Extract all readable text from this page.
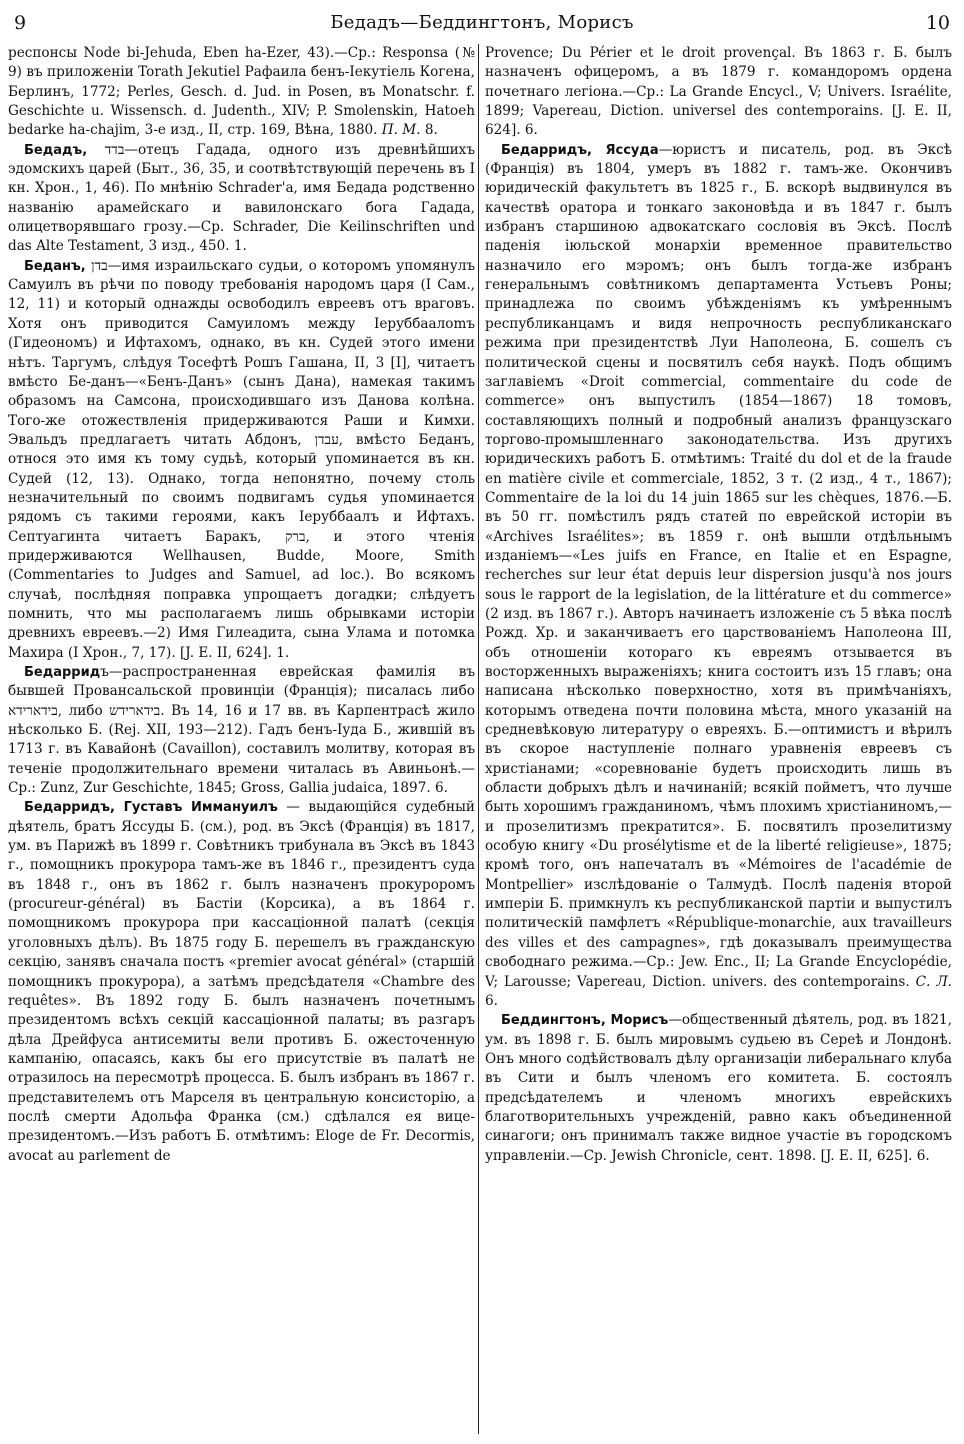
9	Бедадъ—Беддингтонъ, Морисъ	10

респонсы Node bi-Jehuda, Eben ha-Ezer, 43).—Ср.: Responsa (№ 9) въ приложеніи Torath Jekutiel Рафаила бенъ-Іекутіель Когена, Берлинъ, 1772; Perles, Gesch. d. Jud. in Posen, въ Monatschr. f. Geschichte u. Wissensch. d. Judenth., XIV; P. Smolenskin, Hatoeh bedarke ha-chajim, 3-е изд., II, стр. 169, Вѣна, 1880. П. М. 8.

Бедадъ, בדד—отецъ Гадада, одного изъ древнѣйшихъ эдомскихъ царей (Быт., 36, 35, и соотвѣтствующій перечень въ I кн. Хрон., 1, 46). По мнѣнію Schrader'a, имя Бедада родственно названію арамейскаго и вавилонскаго бога Гадада, олицетворявшаго грозу.—Ср. Schrader, Die Keilinschriften und das Alte Testament, 3 изд., 450. 1.

Беданъ, בדן—имя израильскаго судьи, о которомъ упомянулъ Самуилъ въ рѣчи по поводу требованія народомъ царя (I Сам., 12, 11) и который однажды освободилъ евреевъ отъ враговъ. Хотя онъ приводится Самуиломъ между Іеруббаалomъ (Гидеономъ) и Ифтахомъ, однако, въ кн. Судей этого имени нѣтъ. Таргумъ, слѣдуя Тосефтѣ Рошъ Гашана, II, 3 [I], читаетъ вмѣсто Бе-данъ—«Бенъ-Данъ» (сынъ Дана), намекая такимъ образомъ на Самсона, происходившаго изъ Данова колѣна. Того-же отожествленія придерживаются Раши и Кимхи. Эвальдъ предлагаетъ читать Абдонъ, עבדן, вмѣсто Беданъ, относя это имя къ тому судьѣ, который упоминается въ кн. Судей (12, 13). Однако, тогда непонятно, почему столь незначительный по своимъ подвигамъ судья упоминается рядомъ съ такими героями, какъ Іеруббаалъ и Ифтахъ. Септуагинта читаетъ Баракъ, ברק, и этого чтенія придерживаются Wellhausen, Budde, Moore, Smith (Commentaries to Judges and Samuel, ad loc.). Во всякомъ случаѣ, послѣдняя поправка упрощаетъ догадки; слѣдуетъ помнить, что мы располагаемъ лишь обрывками исторіи древнихъ евреевъ.—2) Имя Гилеадита, сына Улама и потомка Махира (I Хрон., 7, 17). [J. E. II, 624]. 1.

Бедарридъ—распространенная еврейская фамилія въ бывшей Провансальской провинціи (Франція); писалась либо בידארידא, либо בידארידש. Въ 14, 16 и 17 вв. въ Карпентрасѣ жило нѣсколько Б. (Rej. XII, 193—212). Гадъ бенъ-Іуда Б., жившій въ 1713 г. въ Кавайонѣ (Cavaillon), составилъ молитву, которая въ теченіе продолжительнаго времени читалась въ Авиньонѣ.—Ср.: Zunz, Zur Geschichte, 1845; Gross, Gallia judaica, 1897. 6.

Бедарридъ, Густавъ Иммануилъ — выдающійся судебный дѣятель, братъ Яссуды Б. (см.), род. въ Эксѣ (Франція) въ 1817, ум. въ Парижѣ въ 1899 г. Совѣтникъ трибунала въ Эксѣ въ 1843 г., помощникъ прокурора тамъ-же въ 1846 г., президентъ суда въ 1848 г., онъ въ 1862 г. былъ назначенъ прокуроромъ (procureur-général) въ Бастіи (Корсика), а въ 1864 г. помощникомъ прокурора при кассаціонной палатѣ (секція уголовныхъ дѣлъ). Въ 1875 году Б. перешелъ въ гражданскую секцію, занявъ сначала постъ «premier avocat général» (старшій помощникъ прокурора), а затѣмъ предсѣдателя «Chambre des requêtes». Въ 1892 году Б. былъ назначенъ почетнымъ президентомъ всѣхъ секцій кассаціонной палаты; въ разгаръ дѣла Дрейфуса антисемиты вели противъ Б. ожесточенную кампанію, опасаясь, какъ бы его присутствіе въ палатѣ не отразилось на пересмотрѣ процесса. Б. былъ избранъ въ 1867 г. представителемъ отъ Марселя въ центральную консисторію, а послѣ смерти Адольфа Франка (см.) сдѣлался ея вице-президентомъ.—Изъ работъ Б. отмѣтимъ: Eloge de Fr. Decormis, avocat au parlement de

Provence; Du Périer et le droit provençal. Въ 1863 г. Б. былъ назначенъ офицеромъ, а въ 1879 г. командоромъ ордена почетнаго легіона.—Ср.: La Grande Encycl., V; Univers. Israélite, 1899; Vapereau, Diction. universel des contemporains. [J. E. II, 624]. 6.

Бедарридъ, Яссуда—юристъ и писатель, род. въ Эксѣ (Франція) въ 1804, умеръ въ 1882 г. тамъ-же. Окончивъ юридическій факультетъ въ 1825 г., Б. вскорѣ выдвинулся въ качествѣ оратора и тонкаго законовѣда и въ 1847 г. былъ избранъ старшиною адвокатскаго сословія въ Эксѣ. Послѣ паденія іюльской монархіи временное правительство назначило его мэромъ; онъ былъ тогда-же избранъ генеральнымъ совѣтникомъ департамента Устьевъ Роны; принадлежа по своимъ убѣжденіямъ къ умѣреннымъ республиканцамъ и видя непрочность республиканскаго режима при президентствѣ Луи Наполеона, Б. сошелъ съ политической сцены и посвятилъ себя наукѣ. Подъ общимъ заглавіемъ «Droit commercial, commentaire du code de commerce» онъ выпустилъ (1854—1867) 18 томовъ, составляющихъ полный и подробный анализъ французскаго торгово-промышленнаго законодательства. Изъ другихъ юридическихъ работъ Б. отмѣтимъ: Traité du dol et de la fraude en matière civile et commerciale, 1852, 3 т. (2 изд., 4 т., 1867); Commentaire de la loi du 14 juin 1865 sur les chèques, 1876.—Б. въ 50 гг. помѣстилъ рядъ статей по еврейской исторіи въ «Archives Israélites»; въ 1859 г. онѣ вышли отдѣльнымъ изданіемъ—«Les juifs en France, en Italie et en Espagne, recherches sur leur état depuis leur dispersion jusqu'à nos jours sous le rapport de la legislation, de la littérature et du commerce» (2 изд. въ 1867 г.). Авторъ начинаетъ изложеніе съ 5 вѣка послѣ Рожд. Хр. и заканчиваетъ его царствованіемъ Наполеона III, объ отношеніи котораго къ евреямъ отзывается въ восторженныхъ выраженіяхъ; книга состоитъ изъ 15 главъ; она написана нѣсколько поверхностно, хотя въ примѣчаніяхъ, которымъ отведена почти половина мѣста, много указаній на средневѣковую литературу о евреяхъ. Б.—оптимистъ и вѣрилъ въ скорое наступленіе полнаго уравненія евреевъ съ христіанами; «соревнованіе будетъ происходить лишь въ области добрыхъ дѣлъ и начинаній; всякій пойметъ, что лучше быть хорошимъ гражданиномъ, чѣмъ плохимъ христіаниномъ,—и прозелитизмъ прекратится». Б. посвятилъ прозелитизму особую книгу «Du prosélytisme et de la liberté religieuse», 1875; кромѣ того, онъ напечаталъ въ «Mémoires de l'académie de Montpellier» изслѣдованіе о Талмудѣ. Послѣ паденія второй имперіи Б. примкнулъ къ республиканской партіи и выпустилъ политическій памфлетъ «République-monarchie, aux travailleurs des villes et des campagnes», гдѣ доказывалъ преимущества свободнаго режима.—Ср.: Jew. Enc., II; La Grande Encyclopédie, V; Larousse; Vapereau, Diction. univers. des contemporains. С. Л. 6.

Беддингтонъ, Морисъ—общественный дѣятель, род. въ 1821, ум. въ 1898 г. Б. былъ мировымъ судьею въ Сереѣ и Лондонѣ. Онъ много содѣйствовалъ дѣлу организаціи либеральнаго клуба въ Сити и былъ членомъ его комитета. Б. состоялъ предсѣдателемъ и членомъ многихъ еврейскихъ благотворительныхъ учрежденій, равно какъ объединенной синагоги; онъ принималъ также видное участіе въ городскомъ управленіи.—Ср. Jewish Chronicle, сент. 1898. [J. E. II, 625]. 6.
